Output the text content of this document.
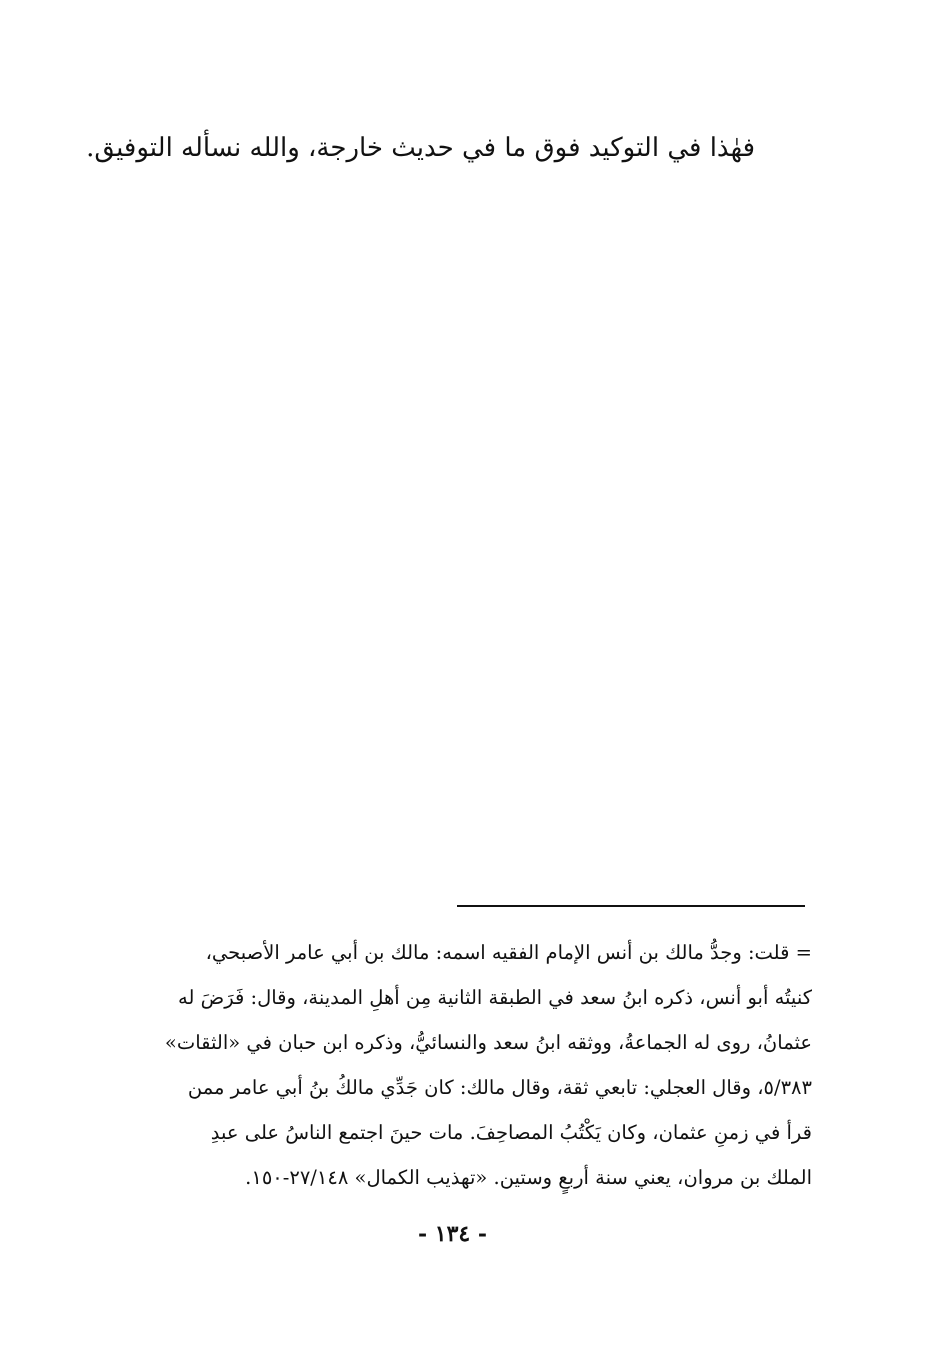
فهٰذا في التوكيد فوق ما في حديث خارجة، والله نسأله التوفيق.
= قلت: وجدُّ مالك بن أنس الإمام الفقيه اسمه: مالك بن أبي عامر الأصبحي،
كنيتُه أبو أنس، ذكره ابنُ سعد في الطبقة الثانية مِن أهلِ المدينة، وقال: فَرَضَ له
عثمانُ، روى له الجماعةُ، ووثقه ابنُ سعد والنسائيُّ، وذكره ابن حبان في «الثقات»
٥/٣٨٣، وقال العجلي: تابعي ثقة، وقال مالك: كان جَدِّي مالكُ بنُ أبي عامر ممن
قرأ في زمنِ عثمان، وكان يَكْتُبُ المصاحِفَ. مات حينَ اجتمع الناسُ على عبدِ
الملك بن مروان، يعني سنة أربعٍ وستين. «تهذيب الكمال» ٢٧/١٤٨-١٥٠.
- ١٣٤ -
